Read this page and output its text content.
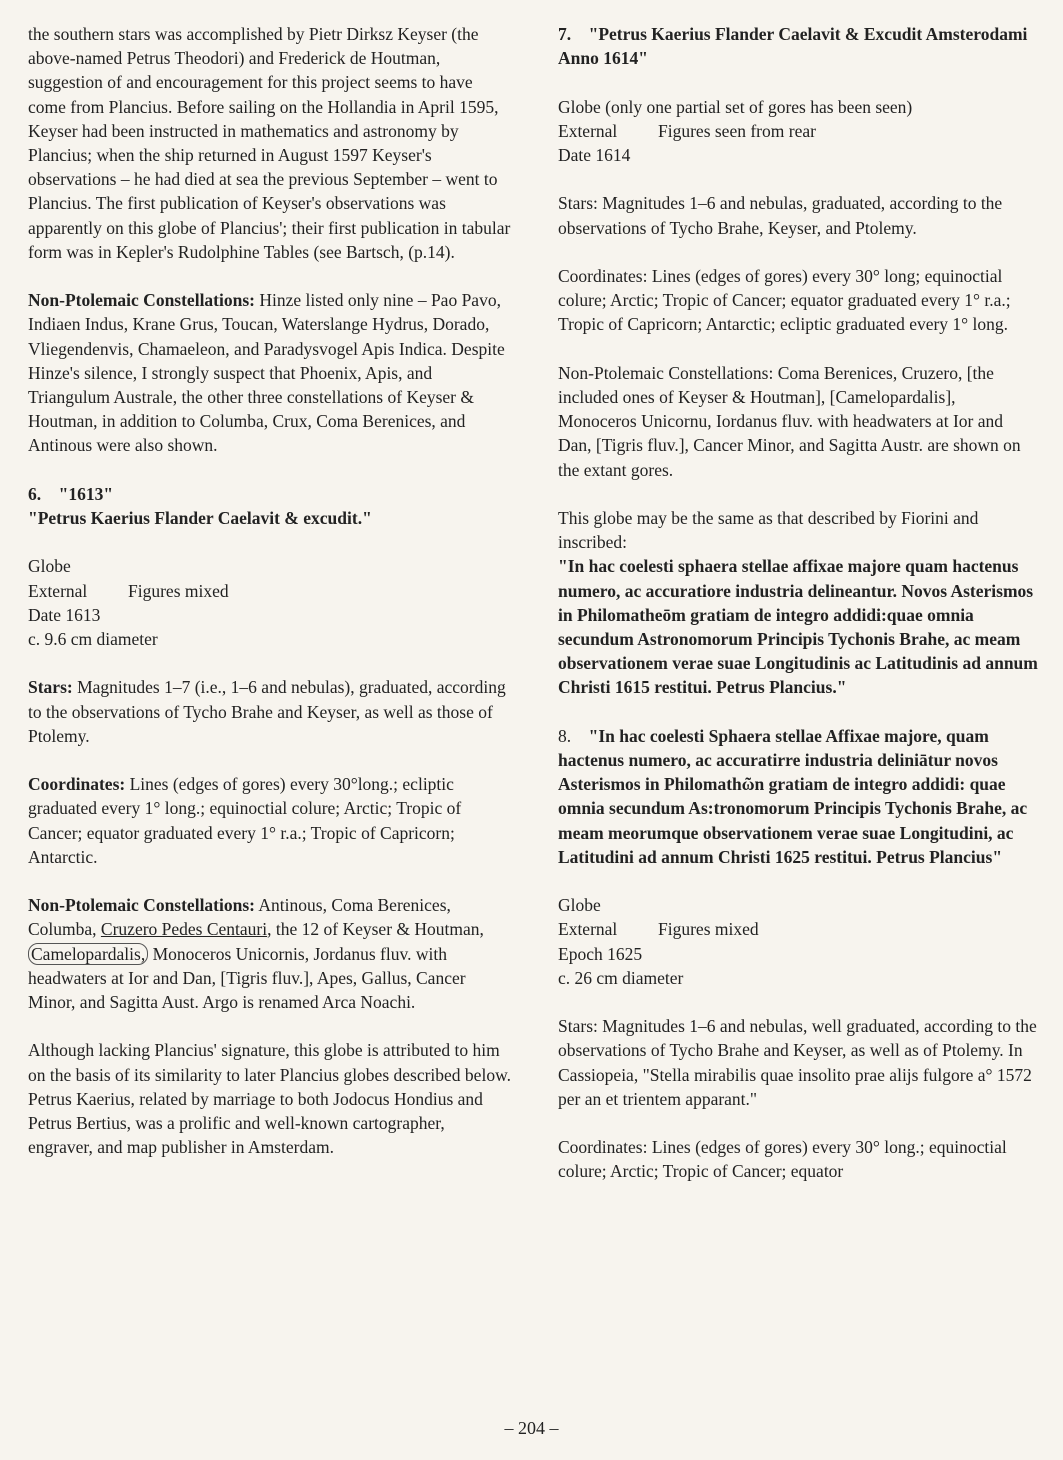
the southern stars was accomplished by Pietr Dirksz Keyser (the above-named Petrus Theodori) and Frederick de Houtman, suggestion of and encouragement for this project seems to have come from Plancius. Before sailing on the Hollandia in April 1595, Keyser had been instructed in mathematics and astronomy by Plancius; when the ship returned in August 1597 Keyser's observations – he had died at sea the previous September – went to Plancius. The first publication of Keyser's observations was apparently on this globe of Plancius'; their first publication in tabular form was in Kepler's Rudolphine Tables (see Bartsch, (p.14).

Non-Ptolemaic Constellations: Hinze listed only nine – Pao Pavo, Indiaen Indus, Krane Grus, Toucan, Waterslange Hydrus, Dorado, Vliegendenvis, Chamaeleon, and Paradysvogel Apis Indica. Despite Hinze's silence, I strongly suspect that Phoenix, Apis, and Triangulum Australe, the other three constellations of Keyser & Houtman, in addition to Columba, Crux, Coma Berenices, and Antinous were also shown.

6. "1613"
"Petrus Kaerius Flander Caelavit & excudit."

Globe
External Figures mixed
Date 1613
c. 9.6 cm diameter

Stars: Magnitudes 1–7 (i.e., 1–6 and nebulas), graduated, according to the observations of Tycho Brahe and Keyser, as well as those of Ptolemy.

Coordinates: Lines (edges of gores) every 30°long.; ecliptic graduated every 1° long.; equinoctial colure; Arctic; Tropic of Cancer; equator graduated every 1° r.a.; Tropic of Capricorn; Antarctic.

Non-Ptolemaic Constellations: Antinous, Coma Berenices, Columba, Cruzero Pedes Centauri, the 12 of Keyser & Houtman, Camelopardalis, Monoceros Unicornis, Jordanus fluv. with headwaters at Ior and Dan, [Tigris fluv.], Apes, Gallus, Cancer Minor, and Sagitta Aust. Argo is renamed Arca Noachi.

Although lacking Plancius' signature, this globe is attributed to him on the basis of its similarity to later Plancius globes described below. Petrus Kaerius, related by marriage to both Jodocus Hondius and Petrus Bertius, was a prolific and well-known cartographer, engraver, and map publisher in Amsterdam.

7. "Petrus Kaerius Flander Caelavit & Excudit Amsterodami Anno 1614"

Globe (only one partial set of gores has been seen)
External Figures seen from rear
Date 1614

Stars: Magnitudes 1–6 and nebulas, graduated, according to the observations of Tycho Brahe, Keyser, and Ptolemy.

Coordinates: Lines (edges of gores) every 30° long; equinoctial colure; Arctic; Tropic of Cancer; equator graduated every 1° r.a.; Tropic of Capricorn; Antarctic; ecliptic graduated every 1° long.

Non-Ptolemaic Constellations: Coma Berenices, Cruzero, [the included ones of Keyser & Houtman], [Camelopardalis], Monoceros Unicornu, Iordanus fluv. with headwaters at Ior and Dan, [Tigris fluv.], Cancer Minor, and Sagitta Austr. are shown on the extant gores.

This globe may be the same as that described by Fiorini and inscribed:
"In hac coelesti sphaera stellae affixae majore quam hactenus numero, ac accuratiore industria delineantur. Novos Asterismos in Philomatheōm gratiam de integro addidi:quae omnia secundum Astronomorum Principis Tychonis Brahe, ac meam observationem verae suae Longitudinis ac Latitudinis ad annum Christi 1615 restitui. Petrus Plancius."

8. "In hac coelesti Sphaera stellae Affixae majore, quam hactenus numero, ac accuratirre industria deliniātur novos Asterismos in Philomathῶn gratiam de integro addidi: quae omnia secundum As:tronomorum Principis Tychonis Brahe, ac meam meorumque observationem verae suae Longitudini, ac Latitudini ad annum Christi 1625 restitui. Petrus Plancius"

Globe
External Figures mixed
Epoch 1625
c. 26 cm diameter

Stars: Magnitudes 1–6 and nebulas, well graduated, according to the observations of Tycho Brahe and Keyser, as well as of Ptolemy. In Cassiopeia, "Stella mirabilis quae insolito prae alijs fulgore a° 1572 per an et trientem apparant."

Coordinates: Lines (edges of gores) every 30° long.; equinoctial colure; Arctic; Tropic of Cancer; equator

– 204 –
